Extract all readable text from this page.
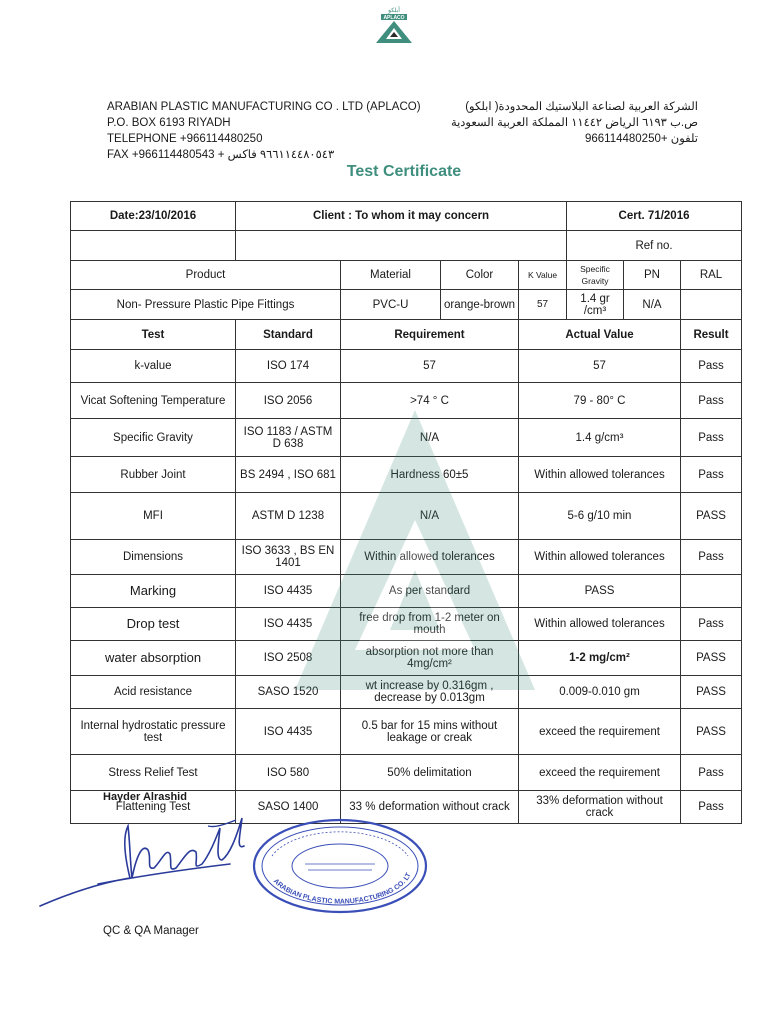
أبلكو
APLACO
ARABIAN PLASTIC MANUFACTURING CO . LTD (APLACO)
P.O. BOX 6193 RIYADH
TELEPHONE +966114480250
FAX +966114480543 + ٩٦٦١١٤٤٨٠٥٤٣ فاكس
الشركة العربية لصناعة البلاستيك المحدودة( ابلكو)
ص.ب ٦١٩٣ الرياض ١١٤٤٢ المملكة العربية السعودية
تلفون +966114480250
Test Certificate
Date:23/10/2016	Client : To whom it may concern				Cert. 71/2016		
					Ref no.		
Product		Material	Color	K Value	Specific Gravity	PN	RAL
Non- Pressure Plastic Pipe Fittings		PVC-U	orange-brown	57	1.4 gr /cm³	N/A	
Test	Standard	Requirement		Actual Value			Result
k-value	ISO 174	57		57			Pass
Vicat Softening Temperature	ISO 2056	>74 ° C		79 - 80° C			Pass
Specific Gravity	ISO 1183 / ASTM D 638	N/A		1.4 g/cm³			Pass
Rubber Joint	BS 2494 , ISO 681	Hardness 60±5		Within allowed tolerances			Pass
MFI	ASTM D 1238	N/A		5-6 g/10 min			PASS
Dimensions	ISO 3633 , BS EN 1401	Within allowed tolerances		Within allowed tolerances			Pass
Marking	ISO 4435	As per standard		PASS			
Drop test	ISO 4435	free drop from 1-2 meter on mouth		Within allowed tolerances			Pass
water absorption	ISO 2508	absorption not more than 4mg/cm²		1-2 mg/cm²			PASS
Acid resistance	SASO 1520	wt increase by 0.316gm , decrease by 0.013gm		0.009-0.010 gm			PASS
Internal hydrostatic pressure test	ISO 4435	0.5 bar for 15 mins without leakage or creak		exceed the requirement			PASS
Stress Relief Test	ISO 580	50% delimitation		exceed the requirement			Pass
Flattening Test	SASO 1400	33 % deformation without crack		33% deformation without crack			Pass
Hayder Alrashid
ARABIAN PLASTIC MANUFACTURING CO. LT
QC & QA Manager
